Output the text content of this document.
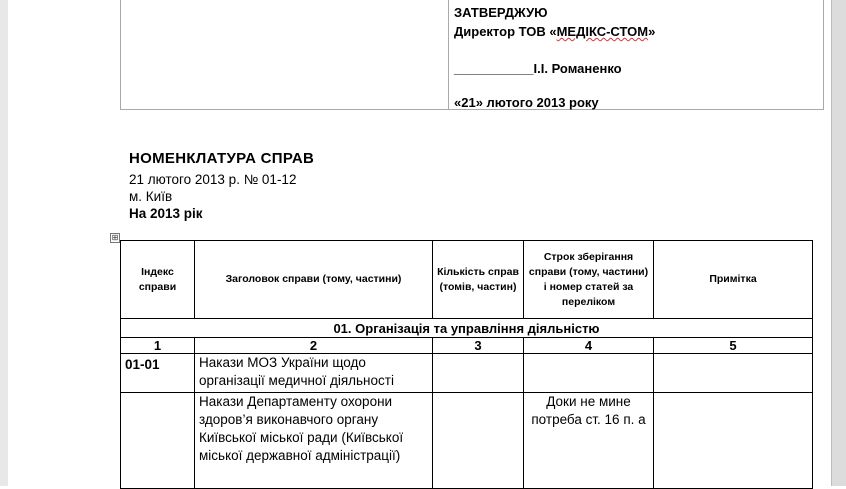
ЗАТВЕРДЖУЮ
Директор ТОВ «МЕДІКС-СТОМ»
___________І.І. Романенко
«21» лютого 2013 року
НОМЕНКЛАТУРА СПРАВ
21 лютого 2013 р. № 01-12
м. Київ
На 2013 рік
⊞
Індекс справи	Заголовок справи (тому, частини)	Кількість справ (томів, частин)	Строк зберігання справи (тому, частини) і номер статей за переліком	Примітка
01. Організація та управління діяльністю				
1	2	3	4	5
01-01	Накази МОЗ України щодо організації медичної діяльності			
	Накази Департаменту охорони здоров’я виконавчого органу Київської міської ради (Київської міської державної адміністрації)		Доки не мине потреба ст. 16 п. а	
